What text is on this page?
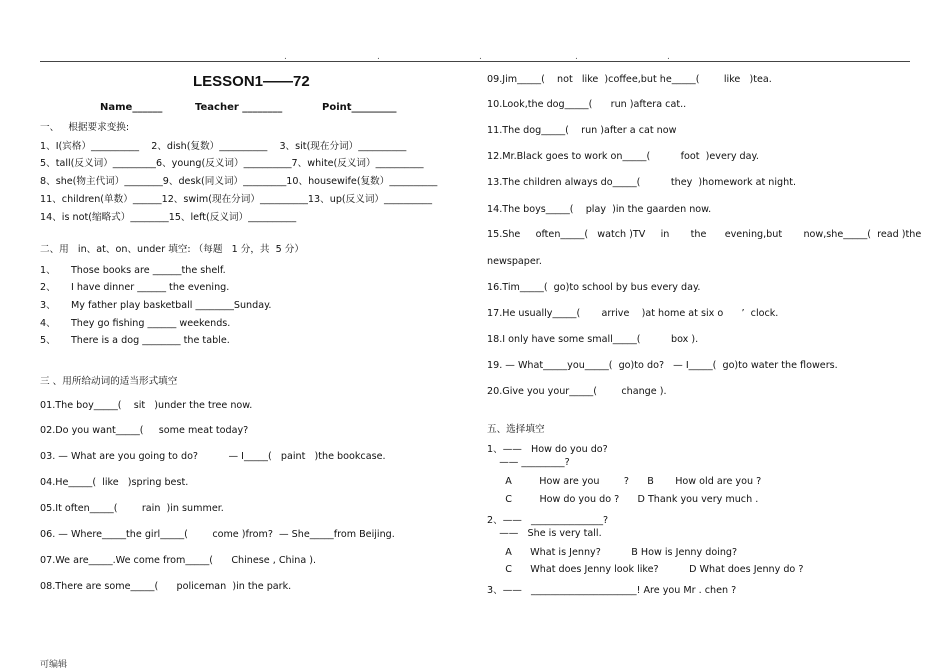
.	.	.	.	.
LESSON1——72
Name______	Teacher ________	Point_________
一、   根据要求变换:
1、I(宾格）__________    2、dish(复数）__________    3、sit(现在分词）__________
5、tall(反义词）_________6、young(反义词）__________7、white(反义词）__________
8、she(物主代词）________9、desk(同义词）_________10、housewife(复数）__________
11、children(单数）______12、swim(现在分词）__________13、up(反义词）__________
14、is not(缩略式）________15、left(反义词）__________
二、用   in、at、on、under 填空: （每题   1 分，共  5 分）
1、     Those books are ______the shelf.
2、     I have dinner ______ the evening.
3、     My father play basketball ________Sunday.
4、     They go fishing ______ weekends.
5、     There is a dog ________ the table.
三 、用所给动词的适当形式填空
01.The boy_____(    sit   )under the tree now.
02.Do you want_____(     some meat today?
03. — What are you going to do?          — I_____(   paint   )the bookcase.
04.He_____(  like   )spring best.
05.It often_____(        rain  )in summer.
06. — Where_____the girl_____(        come )from?  — She_____from Beijing.
07.We are_____.We come from_____(      Chinese , China ).
08.There are some_____(      policeman  )in the park.
09.Jim_____(    not   like  )coffee,but he_____(        like   )tea.
10.Look,the dog_____(      run )aftera cat..
11.The dog_____(    run )after a cat now
12.Mr.Black goes to work on_____(          foot  )every day.
13.The children always do_____(          they  )homework at night.
14.The boys_____(    play  )in the gaarden now.
15.She     often_____(   watch )TV     in       the      evening,but       now,she_____(  read )the
newspaper.
16.Tim_____(  go)to school by bus every day.
17.He usually_____(       arrive    )at home at six o      ’  clock.
18.I only have some small_____(          box ).
19. — What_____you_____(  go)to do?   — I_____(  go)to water the flowers.
20.Give you your_____(        change ).
五、选择填空
1、——   How do you do?
—— _________?
A         How are you        ?      B       How old are you ?
C         How do you do ?      D Thank you very much .
2、——   _______________?
——   She is very tall.
A      What is Jenny?          B How is Jenny doing?
C      What does Jenny look like?          D What does Jenny do ?
3、——   ______________________! Are you Mr . chen ?
可编辑
